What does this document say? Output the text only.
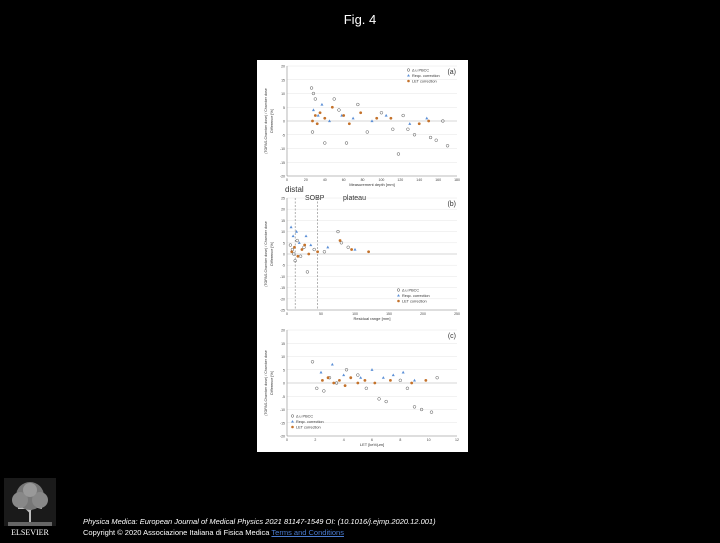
Fig. 4
-20
-15
-10
-5
0
5
10
15
20
0	20	40	60	80	100	120	140	160	180
Measurement depth [mm]
Difference [%]
(TOPAS-Chamber dose) / Chamber dose
(a)
Δ u PBCC
Reqc. correction
LET correction
-25
-20
-15
-10
-5
0
5
10
15
20
25
0	50	100	150	200	250
Residual range [mm]
Difference [%]
(TOPAS-Chamber dose) / Chamber dose
(b)
distal
SOBP	plateau
Δ u PBCC
Reqc. correction
LET correction
-20
-15
-10
-5
0
5
10
15
20
0	2	4	6	8	10	12
LET [keV/μm]
Difference [%]
(TOPAS-Chamber dose) / Chamber dose
(c)
Δ u PBCC
Reqc. correction
LET correction
ELSEVIER
Physica Medica: European Journal of Medical Physics 2021 81147-1549 OI: (10.1016/j.ejmp.2020.12.001)
Copyright © 2020 Associazione Italiana di Fisica Medica Terms and Conditions
